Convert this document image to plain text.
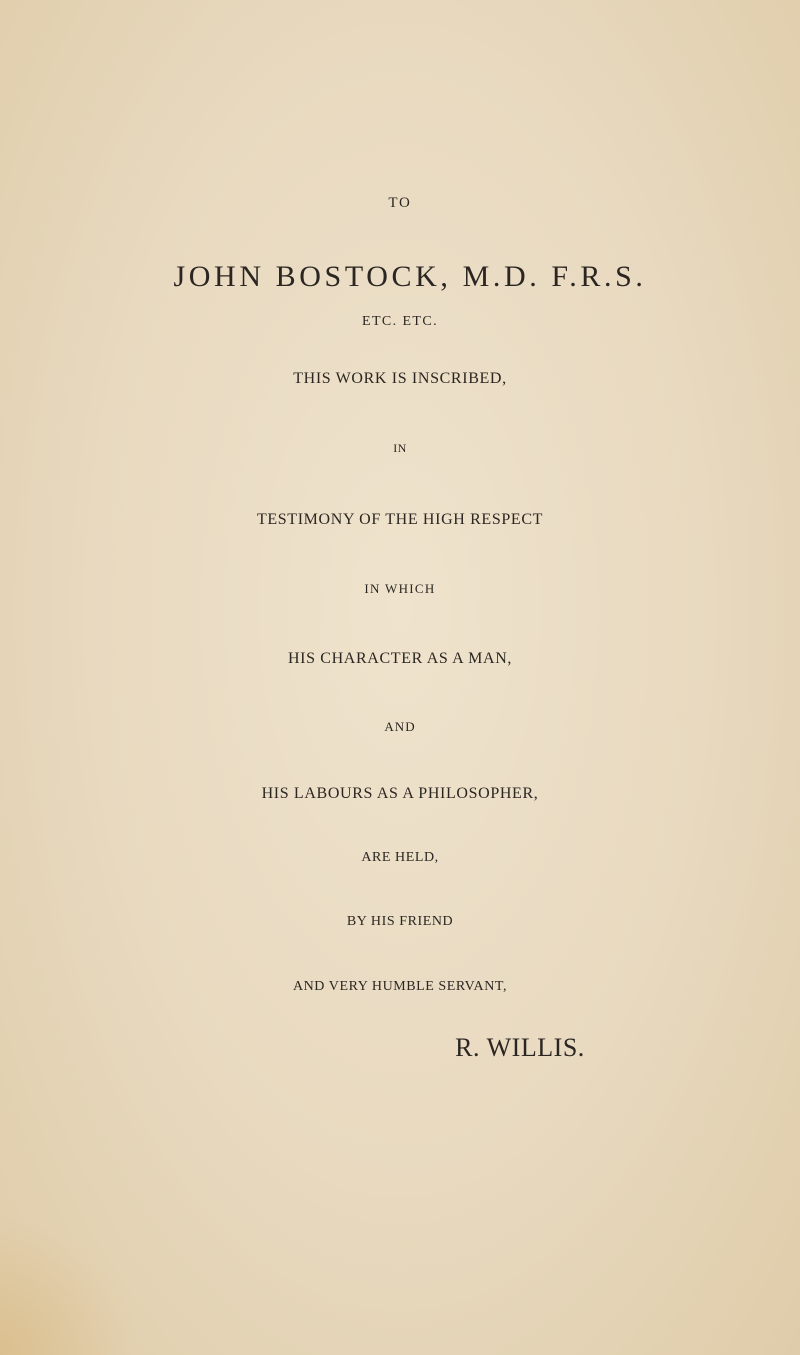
TO
JOHN BOSTOCK, M.D. F.R.S.
ETC. ETC.
THIS WORK IS INSCRIBED,
IN
TESTIMONY OF THE HIGH RESPECT
IN WHICH
HIS CHARACTER AS A MAN,
AND
HIS LABOURS AS A PHILOSOPHER,
ARE HELD,
BY HIS FRIEND
AND VERY HUMBLE SERVANT,
R. WILLIS.
